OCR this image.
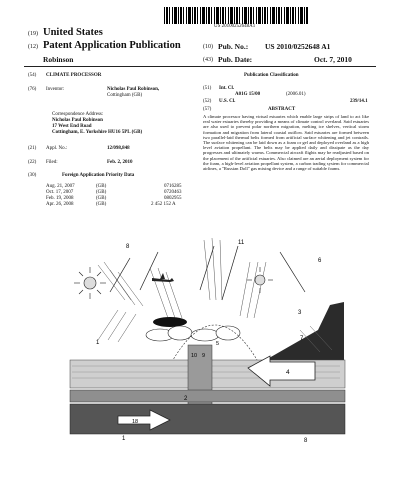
US 20100252648A1
(19) United States
(12) Patent Application Publication
Robinson
(10) Pub. No.: US 2010/0252648 A1
(43) Pub. Date:	Oct. 7, 2010
(54) CLIMATE PROCESSOR
(76) Inventor:	Nicholas Paul Robinson,
Cottingham (GB)
Correspondence Address:
Nicholas Paul Robinson
17 West End Road
Cottingham, E. Yorkshire HU16 5PL (GB)
(21) Appl. No.:	12/098,848
(22) Filed:	Feb. 2, 2010
(30)	Foreign Application Priority Data
Aug. 21, 2007	(GB)	0716285
Oct. 17, 2007	(GB)	0720463
Feb. 19, 2008	(GB)	0802955
Apr. 26, 2008	(GB)	2 452 152 A
Publication Classification
(51) Int. Cl.
A01G 15/00	(2006.01)
(52) U.S. Cl.	239/14.1
(57)	ABSTRACT
A climate processor having virtual estuaries which enable large strips of land to act like real water estuaries thereby providing a means of climate control overland. Said estuaries are also used to prevent polar northern migration, melting ice shelves, vertical storm formation and migration from lateral coastal outflow. Said estuaries are formed between two parallel-laid thermal belts formed from artificial surface whitening and jet contrails. The surface whitening can be laid down as a foam or gel and deployed overland as a high level aviation propellant. The belts may be applied daily and dissipate as the day progresses and ultimately warms. Commercial aircraft flights may be readjusted based on the placement of the artificial estuaries. Also claimed are an aerial deployment system for the foam, a high-level aviation propellant system, a carbon trading system for commercial airlines, a "Russian Doll" gas mixing device and a range of suitable foams.
8
11
6
3
7
10 9
5
4
2
18
1	8
1
